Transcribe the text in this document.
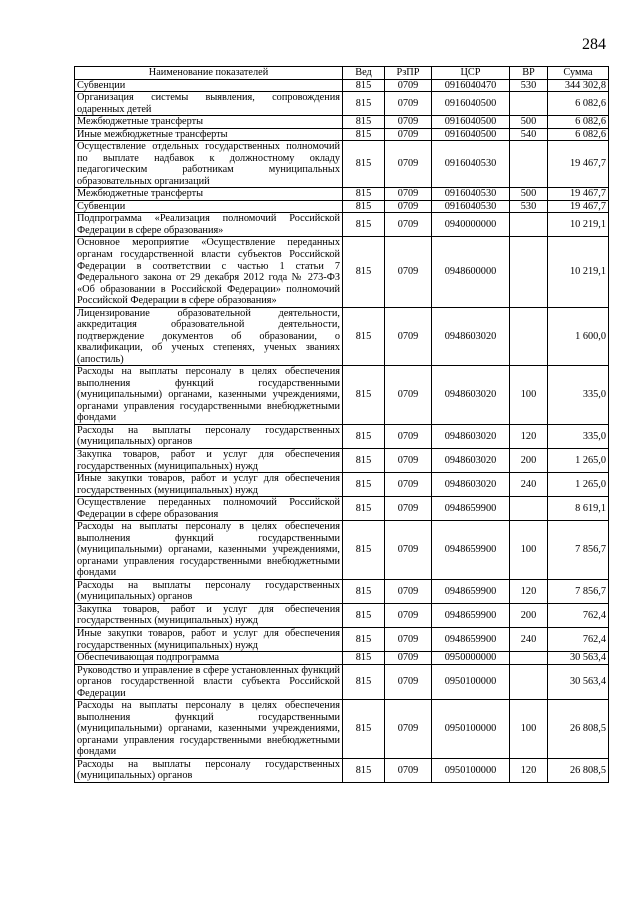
284
Наименование показателей	Вед	РзПР	ЦСР	ВР	Сумма
Субвенции	815	0709	0916040470	530	344 302,8
Организация системы выявления, сопровождения одаренных детей	815	0709	0916040500		6 082,6
Межбюджетные трансферты	815	0709	0916040500	500	6 082,6
Иные межбюджетные трансферты	815	0709	0916040500	540	6 082,6
Осуществление отдельных государственных полномочий по выплате надбавок к должностному окладу педагогическим работникам муниципальных образовательных организаций	815	0709	0916040530		19 467,7
Межбюджетные трансферты	815	0709	0916040530	500	19 467,7
Субвенции	815	0709	0916040530	530	19 467,7
Подпрограмма «Реализация полномочий Российской Федерации в сфере образования»	815	0709	0940000000		10 219,1
Основное мероприятие «Осуществление переданных органам государственной власти субъектов Российской Федерации в соответствии с частью 1 статьи 7 Федерального закона от 29 декабря 2012 года № 273-ФЗ «Об образовании в Российской Федерации» полномочий Российской Федерации в сфере образования»	815	0709	0948600000		10 219,1
Лицензирование образовательной деятельности, аккредитация образовательной деятельности, подтверждение документов об образовании, о квалификации, об ученых степенях, ученых званиях (апостиль)	815	0709	0948603020		1 600,0
Расходы на выплаты персоналу в целях обеспечения выполнения функций государственными (муниципальными) органами, казенными учреждениями, органами управления государственными внебюджетными фондами	815	0709	0948603020	100	335,0
Расходы на выплаты персоналу государственных (муниципальных) органов	815	0709	0948603020	120	335,0
Закупка товаров, работ и услуг для обеспечения государственных (муниципальных) нужд	815	0709	0948603020	200	1 265,0
Иные закупки товаров, работ и услуг для обеспечения государственных (муниципальных) нужд	815	0709	0948603020	240	1 265,0
Осуществление переданных полномочий Российской Федерации в сфере образования	815	0709	0948659900		8 619,1
Расходы на выплаты персоналу в целях обеспечения выполнения функций государственными (муниципальными) органами, казенными учреждениями, органами управления государственными внебюджетными фондами	815	0709	0948659900	100	7 856,7
Расходы на выплаты персоналу государственных (муниципальных) органов	815	0709	0948659900	120	7 856,7
Закупка товаров, работ и услуг для обеспечения государственных (муниципальных) нужд	815	0709	0948659900	200	762,4
Иные закупки товаров, работ и услуг для обеспечения государственных (муниципальных) нужд	815	0709	0948659900	240	762,4
Обеспечивающая подпрограмма	815	0709	0950000000		30 563,4
Руководство и управление в сфере установленных функций органов государственной власти субъекта Российской Федерации	815	0709	0950100000		30 563,4
Расходы на выплаты персоналу в целях обеспечения выполнения функций государственными (муниципальными) органами, казенными учреждениями, органами управления государственными внебюджетными фондами	815	0709	0950100000	100	26 808,5
Расходы на выплаты персоналу государственных (муниципальных) органов	815	0709	0950100000	120	26 808,5
